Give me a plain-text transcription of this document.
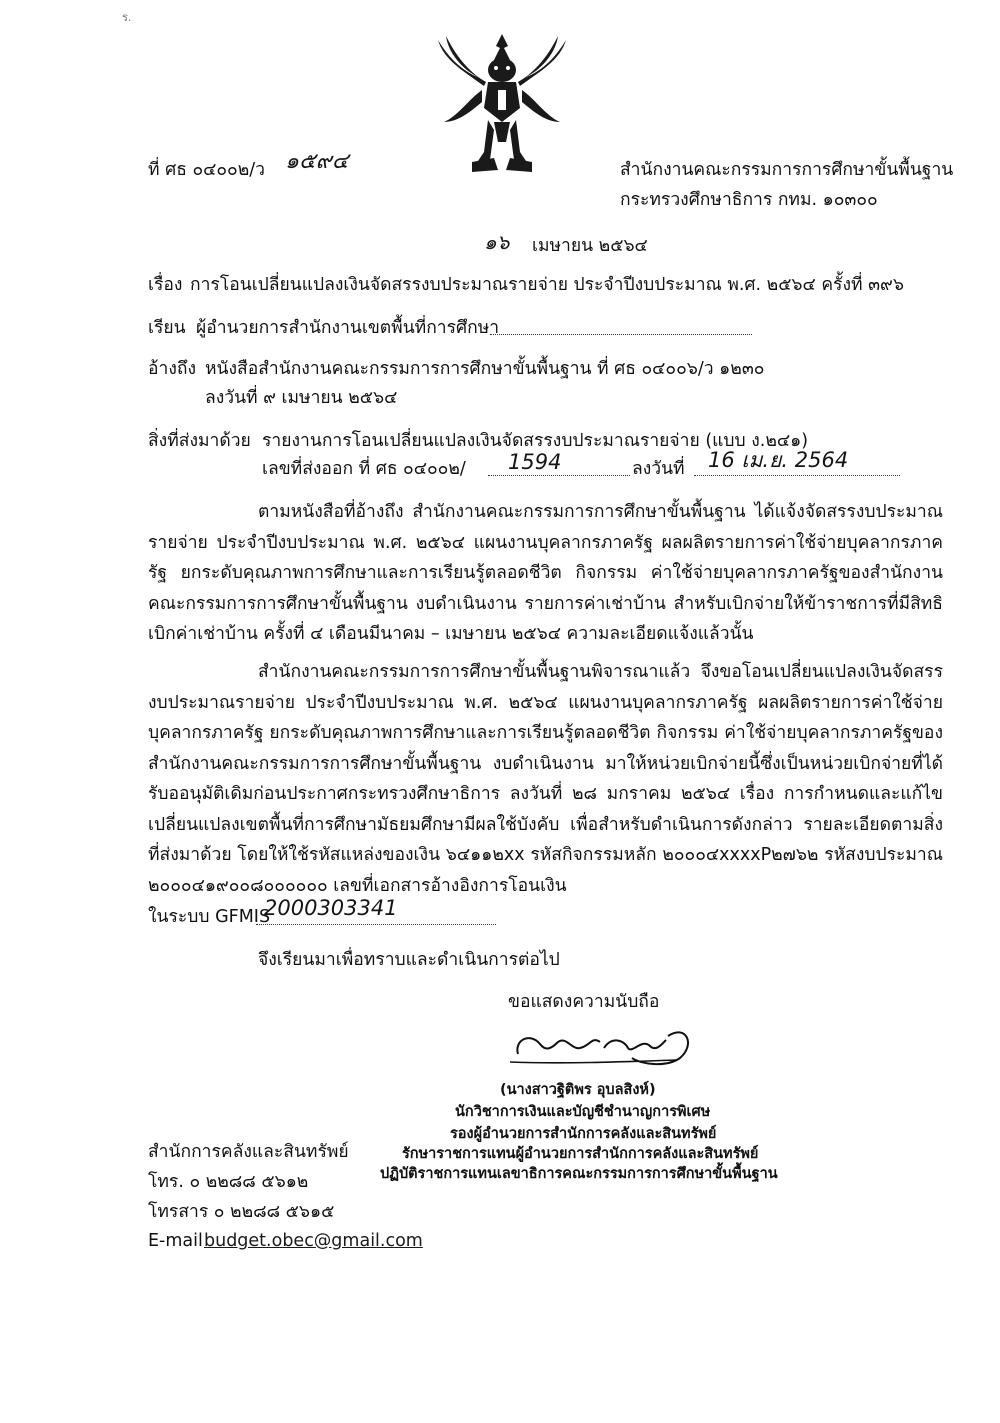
ร.
ที่ ศธ ๐๔๐๐๒/ว ๑๕๙๔	สำนักงานคณะกรรมการการศึกษาขั้นพื้นฐาน
กระทรวงศึกษาธิการ กทม. ๑๐๓๐๐
๑๖ เมษายน ๒๕๖๔
เรื่อง การโอนเปลี่ยนแปลงเงินจัดสรรงบประมาณรายจ่าย ประจำปีงบประมาณ พ.ศ. ๒๕๖๔ ครั้งที่ ๓๙๖
เรียน ผู้อำนวยการสำนักงานเขตพื้นที่การศึกษา
อ้างถึง หนังสือสำนักงานคณะกรรมการการศึกษาขั้นพื้นฐาน ที่ ศธ ๐๔๐๐๖/ว ๑๒๓๐
ลงวันที่ ๙ เมษายน ๒๕๖๔
สิ่งที่ส่งมาด้วย รายงานการโอนเปลี่ยนแปลงเงินจัดสรรงบประมาณรายจ่าย (แบบ ง.๒๔๑)
เลขที่ส่งออก ที่ ศธ ๐๔๐๐๒/ 1594	ลงวันที่ 16 เม.ย. 2564
ตามหนังสือที่อ้างถึง สำนักงานคณะกรรมการการศึกษาขั้นพื้นฐาน ได้แจ้งจัดสรรงบประมาณรายจ่าย ประจำปีงบประมาณ พ.ศ. ๒๕๖๔ แผนงานบุคลากรภาครัฐ ผลผลิตรายการค่าใช้จ่ายบุคลากรภาครัฐ ยกระดับคุณภาพการศึกษาและการเรียนรู้ตลอดชีวิต กิจกรรม ค่าใช้จ่ายบุคลากรภาครัฐของสำนักงานคณะกรรมการการศึกษาขั้นพื้นฐาน งบดำเนินงาน รายการค่าเช่าบ้าน สำหรับเบิกจ่ายให้ข้าราชการที่มีสิทธิเบิกค่าเช่าบ้าน ครั้งที่ ๔ เดือนมีนาคม – เมษายน ๒๕๖๔ ความละเอียดแจ้งแล้วนั้น
สำนักงานคณะกรรมการการศึกษาขั้นพื้นฐานพิจารณาแล้ว จึงขอโอนเปลี่ยนแปลงเงินจัดสรรงบประมาณรายจ่าย ประจำปีงบประมาณ พ.ศ. ๒๕๖๔ แผนงานบุคลากรภาครัฐ ผลผลิตรายการค่าใช้จ่ายบุคลากรภาครัฐ ยกระดับคุณภาพการศึกษาและการเรียนรู้ตลอดชีวิต กิจกรรม ค่าใช้จ่ายบุคลากรภาครัฐของสำนักงานคณะกรรมการการศึกษาขั้นพื้นฐาน งบดำเนินงาน มาให้หน่วยเบิกจ่ายนี้ซึ่งเป็นหน่วยเบิกจ่ายที่ได้รับออนุมัติเดิมก่อนประกาศกระทรวงศึกษาธิการ ลงวันที่ ๒๘ มกราคม ๒๕๖๔ เรื่อง การกำหนดและแก้ไขเปลี่ยนแปลงเขตพื้นที่การศึกษามัธยมศึกษามีผลใช้บังคับ เพื่อสำหรับดำเนินการดังกล่าว รายละเอียดตามสิ่งที่ส่งมาด้วย โดยให้ใช้รหัสแหล่งของเงิน ๖๔๑๑๒xx รหัสกิจกรรมหลัก ๒๐๐๐๔xxxxP๒๗๖๒ รหัสงบประมาณ ๒๐๐๐๔๑๙๐๐๘๐๐๐๐๐๐ เลขที่เอกสารอ้างอิงการโอนเงิน
ในระบบ GFMIS
2000303341
จึงเรียนมาเพื่อทราบและดำเนินการต่อไป
ขอแสดงความนับถือ
(นางสาวฐิติพร อุบลสิงห์)
นักวิชาการเงินและบัญชีชำนาญการพิเศษ
รองผู้อำนวยการสำนักการคลังและสินทรัพย์
รักษาราชการแทนผู้อำนวยการสำนักการคลังและสินทรัพย์
ปฏิบัติราชการแทนเลขาธิการคณะกรรมการการศึกษาขั้นพื้นฐาน
สำนักการคลังและสินทรัพย์
โทร. ๐ ๒๒๘๘ ๕๖๑๒
โทรสาร ๐ ๒๒๘๘ ๕๖๑๕
E-mail budget.obec@gmail.com
